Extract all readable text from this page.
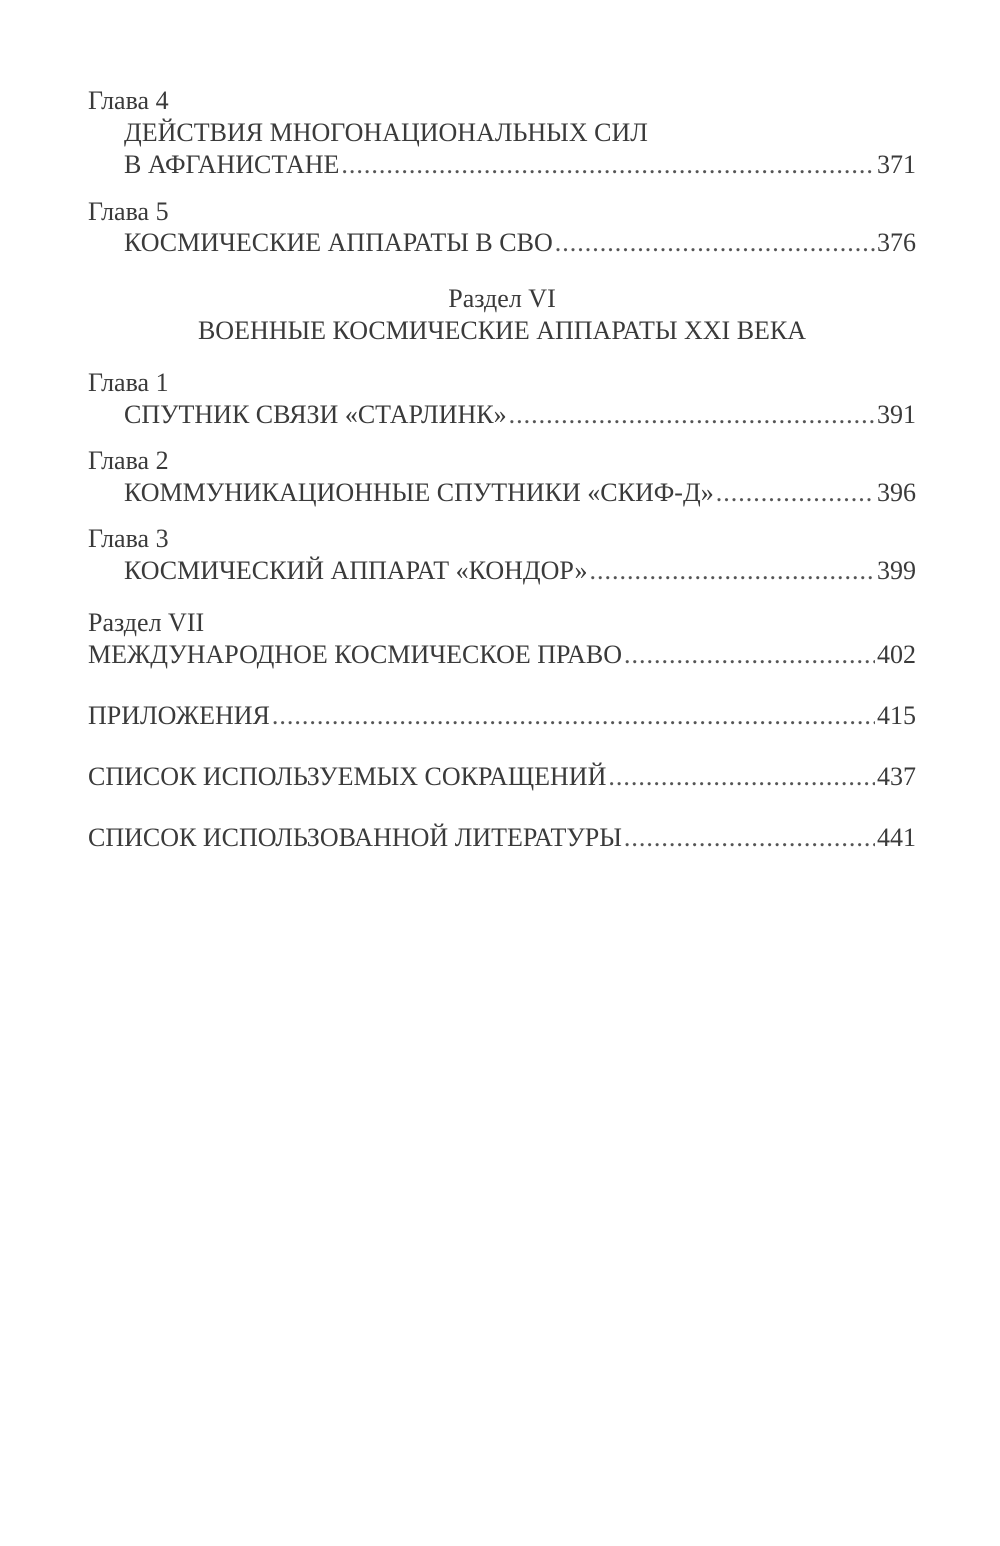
Глава 4
ДЕЙСТВИЯ МНОГОНАЦИОНАЛЬНЫХ СИЛ
В АФГАНИСТАНЕ .....	371
Глава 5
КОСМИЧЕСКИЕ АППАРАТЫ В СВО .....	376
Раздел VI
ВОЕННЫЕ КОСМИЧЕСКИЕ АППАРАТЫ XXI ВЕКА
Глава 1
СПУТНИК СВЯЗИ «СТАРЛИНК» .....	391
Глава 2
КОММУНИКАЦИОННЫЕ СПУТНИКИ «СКИФ-Д» .....	396
Глава 3
КОСМИЧЕСКИЙ АППАРАТ «КОНДОР» .....	399
Раздел VII
МЕЖДУНАРОДНОЕ КОСМИЧЕСКОЕ ПРАВО .....	402
ПРИЛОЖЕНИЯ .....	415
СПИСОК ИСПОЛЬЗУЕМЫХ СОКРАЩЕНИЙ .....	437
СПИСОК ИСПОЛЬЗОВАННОЙ ЛИТЕРАТУРЫ .....	441
